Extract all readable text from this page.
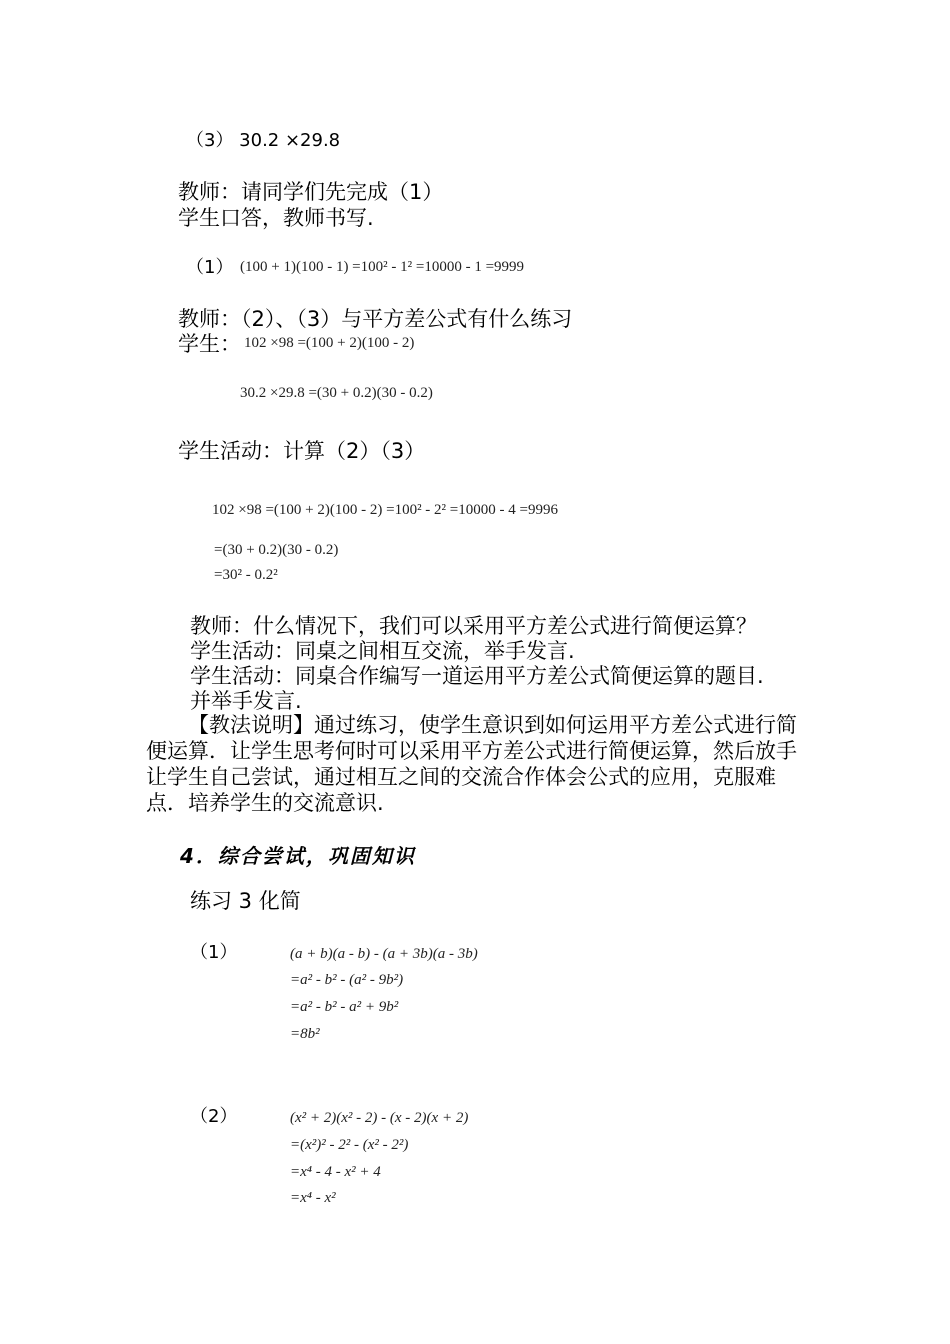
（3） 30.2 ×29.8
教师：请同学们先完成（1）
学生口答，教师书写.
（1） (100 + 1)(100 - 1) =100² - 1² =10000 - 1 =9999
教师：（2）、（3）与平方差公式有什么练习
学生： 102 ×98 =(100 + 2)(100 - 2)
30.2 ×29.8 =(30 + 0.2)(30 - 0.2)
学生活动：计算（2）（3）
102 ×98 =(100 + 2)(100 - 2) =100² - 2² =10000 - 4 =9996
=(30 + 0.2)(30 - 0.2)
=30² - 0.2²
教师：什么情况下，我们可以采用平方差公式进行简便运算？
学生活动：同桌之间相互交流，举手发言.
学生活动：同桌合作编写一道运用平方差公式简便运算的题目.
并举手发言.
【教法说明】通过练习，使学生意识到如何运用平方差公式进行简便运算．让学生思考何时可以采用平方差公式进行简便运算，然后放手让学生自己尝试，通过相互之间的交流合作体会公式的应用，克服难点．培养学生的交流意识.
4．综合尝试，巩固知识
练习 3 化简
（1）	(a + b)(a - b) - (a + 3b)(a - 3b)
=a² - b² - (a² - 9b²)
=a² - b² - a² + 9b²
=8b²
（2）	(x² + 2)(x² - 2) - (x - 2)(x + 2)
=(x²)² - 2² - (x² - 2²)
=x⁴ - 4 - x² + 4
=x⁴ - x²
